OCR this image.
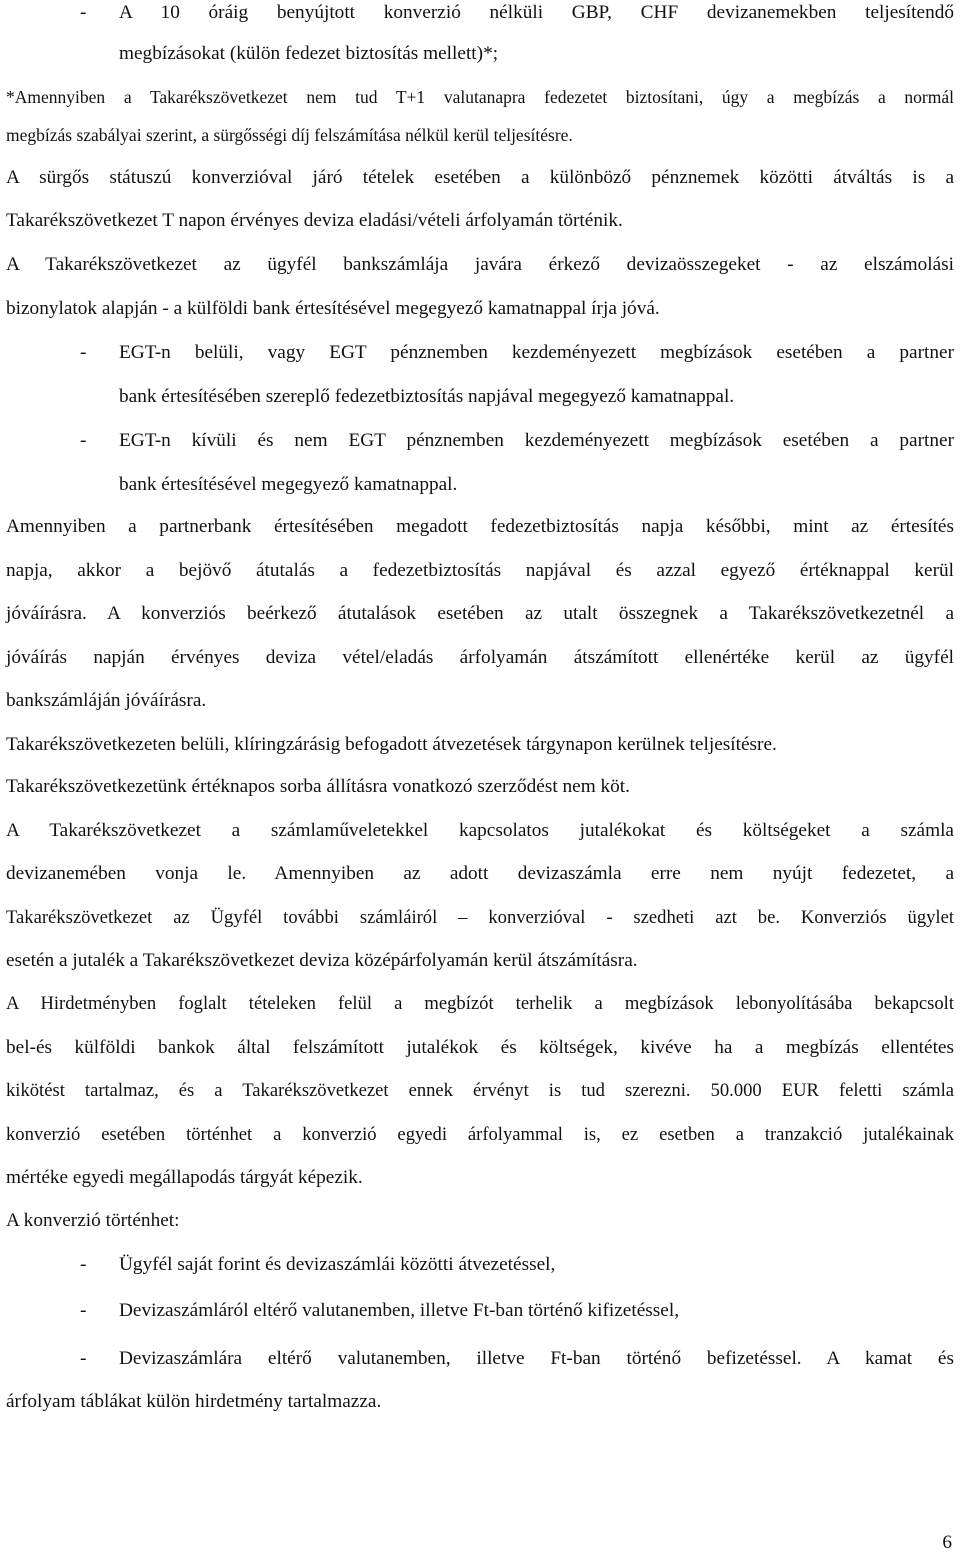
- A 10 óráig benyújtott konverzió nélküli GBP, CHF devizanemekben teljesítendő
megbízásokat (külön fedezet biztosítás mellett)*;
*Amennyiben a Takarékszövetkezet nem tud T+1 valutanapra fedezetet biztosítani, úgy a megbízás a normál
megbízás szabályai szerint, a sürgősségi díj felszámítása nélkül kerül teljesítésre.
A sürgős státuszú konverzióval járó tételek esetében a különböző pénznemek közötti átváltás is a
Takarékszövetkezet T napon érvényes deviza eladási/vételi árfolyamán történik.
A Takarékszövetkezet az ügyfél bankszámlája javára érkező devizaösszegeket - az elszámolási
bizonylatok alapján - a külföldi bank értesítésével megegyező kamatnappal írja jóvá.
- EGT-n belüli, vagy EGT pénznemben kezdeményezett megbízások esetében a partner
bank értesítésében szereplő fedezetbiztosítás napjával megegyező kamatnappal.
- EGT-n kívüli és nem EGT pénznemben kezdeményezett megbízások esetében a partner
bank értesítésével megegyező kamatnappal.
Amennyiben a partnerbank értesítésében megadott fedezetbiztosítás napja későbbi, mint az értesítés
napja, akkor a bejövő átutalás a fedezetbiztosítás napjával és azzal egyező értéknappal kerül
jóváírásra. A konverziós beérkező átutalások esetében az utalt összegnek a Takarékszövetkezetnél a
jóváírás napján érvényes deviza vétel/eladás árfolyamán átszámított ellenértéke kerül az ügyfél
bankszámláján jóváírásra.
Takarékszövetkezeten belüli, klíringzárásig befogadott átvezetések tárgynapon kerülnek teljesítésre.
Takarékszövetkezetünk értéknapos sorba állításra vonatkozó szerződést nem köt.
A Takarékszövetkezet a számlaműveletekkel kapcsolatos jutalékokat és költségeket a számla
devizanemében vonja le. Amennyiben az adott devizaszámla erre nem nyújt fedezetet, a
Takarékszövetkezet az Ügyfél további számláiról – konverzióval - szedheti azt be. Konverziós ügylet
esetén a jutalék a Takarékszövetkezet deviza középárfolyamán kerül átszámításra.
A Hirdetményben foglalt tételeken felül a megbízót terhelik a megbízások lebonyolításába bekapcsolt
bel-és külföldi bankok által felszámított jutalékok és költségek, kivéve ha a megbízás ellentétes
kikötést tartalmaz, és a Takarékszövetkezet ennek érvényt is tud szerezni. 50.000 EUR feletti számla
konverzió esetében történhet a konverzió egyedi árfolyammal is, ez esetben a tranzakció jutalékainak
mértéke egyedi megállapodás tárgyát képezik.
A konverzió történhet:
- Ügyfél saját forint és devizaszámlái közötti átvezetéssel,
- Devizaszámláról eltérő valutanemben, illetve Ft-ban történő kifizetéssel,
- Devizaszámlára eltérő valutanemben, illetve Ft-ban történő befizetéssel. A kamat és
árfolyam táblákat külön hirdetmény tartalmazza.
6
